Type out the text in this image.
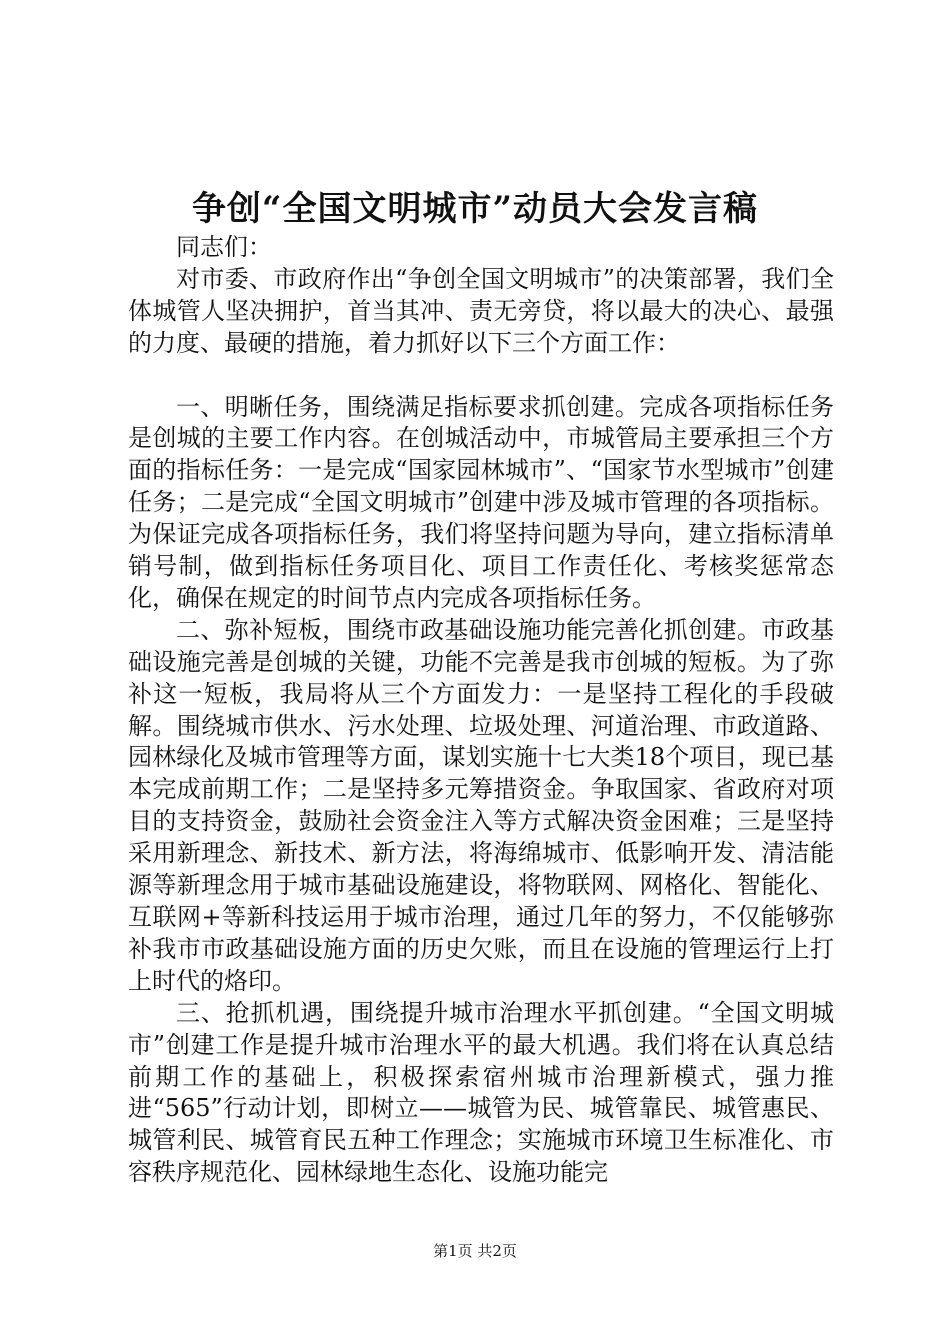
争创“全国文明城市”动员大会发言稿

同志们：

对市委、市政府作出“争创全国文明城市”的决策部署，我们全体城管人坚决拥护，首当其冲、责无旁贷，将以最大的决心、最强的力度、最硬的措施，着力抓好以下三个方面工作：

一、明晰任务，围绕满足指标要求抓创建。完成各项指标任务是创城的主要工作内容。在创城活动中，市城管局主要承担三个方面的指标任务：一是完成“国家园林城市”、“国家节水型城市”创建任务；二是完成“全国文明城市”创建中涉及城市管理的各项指标。为保证完成各项指标任务，我们将坚持问题为导向，建立指标清单销号制，做到指标任务项目化、项目工作责任化、考核奖惩常态化，确保在规定的时间节点内完成各项指标任务。

二、弥补短板，围绕市政基础设施功能完善化抓创建。市政基础设施完善是创城的关键，功能不完善是我市创城的短板。为了弥补这一短板，我局将从三个方面发力：一是坚持工程化的手段破解。围绕城市供水、污水处理、垃圾处理、河道治理、市政道路、园林绿化及城市管理等方面，谋划实施十七大类18个项目，现已基本完成前期工作；二是坚持多元筹措资金。争取国家、省政府对项目的支持资金，鼓励社会资金注入等方式解决资金困难；三是坚持采用新理念、新技术、新方法，将海绵城市、低影响开发、清洁能源等新理念用于城市基础设施建设，将物联网、网格化、智能化、互联网+等新科技运用于城市治理，通过几年的努力，不仅能够弥补我市市政基础设施方面的历史欠账，而且在设施的管理运行上打上时代的烙印。

三、抢抓机遇，围绕提升城市治理水平抓创建。“全国文明城市”创建工作是提升城市治理水平的最大机遇。我们将在认真总结前期工作的基础上，积极探索宿州城市治理新模式，强力推进“565”行动计划，即树立——城管为民、城管靠民、城管惠民、城管利民、城管育民五种工作理念；实施城市环境卫生标准化、市容秩序规范化、园林绿地生态化、设施功能完

第1页 共2页
